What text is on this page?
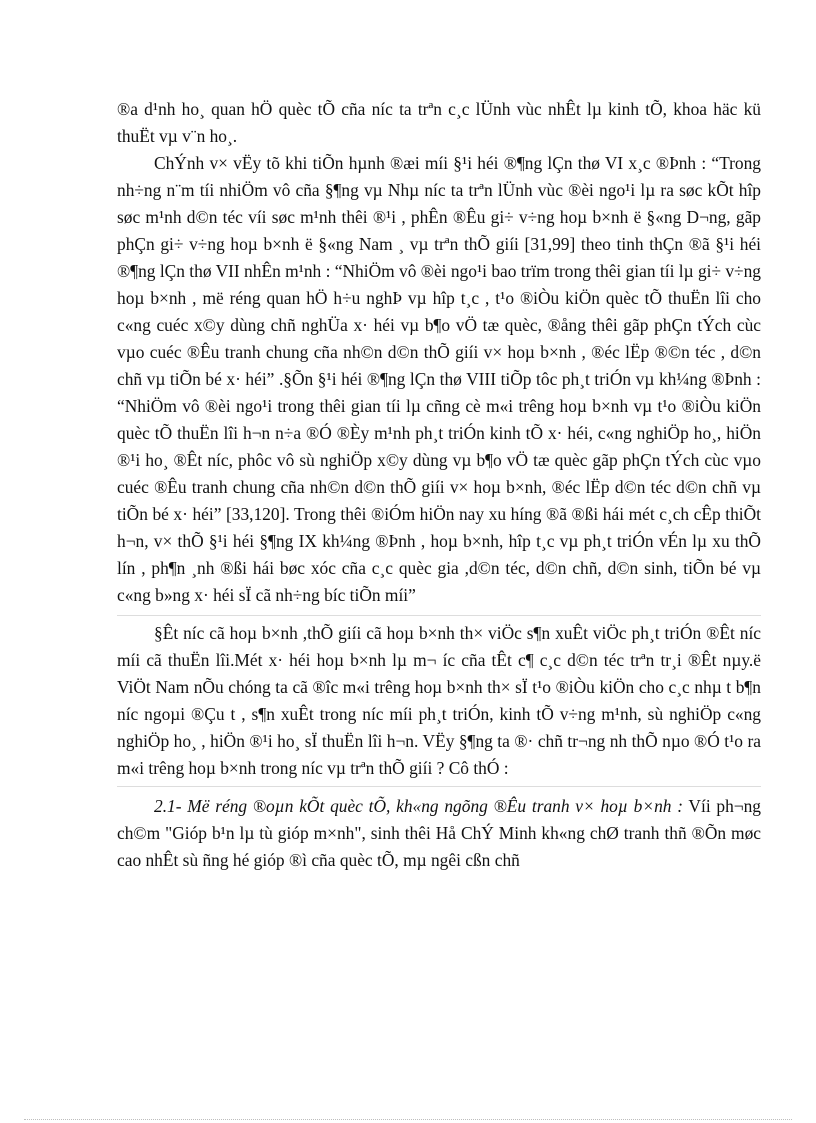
®a d¹nh ho¸ quan hÖ quèc tÕ cña níc ta trªn c¸c lÜnh vùc nhÊt lµ kinh tÕ, khoa häc kü thuËt vµ v¨n ho¸.

ChÝnh v× vËy tõ khi tiÕn hµnh ®æi míi §¹i héi ®¶ng lÇn thø VI x¸c ®Þnh : “Trong nh÷ng n¨m tíi nhiÖm vô cña §¶ng vµ Nhµ níc ta trªn lÜnh vùc ®èi ngo¹i lµ ra søc kÕt hîp søc m¹nh d©n téc víi søc m¹nh thêi ®¹i , phÊn ®Êu gi÷ v÷ng hoµ b×nh ë §«ng D¬ng, gãp phÇn gi÷ v÷ng hoµ b×nh ë §«ng Nam ¸ vµ trªn thÕ giíi [31,99] theo tinh thÇn ®ã §¹i héi ®¶ng lÇn thø VII nhÊn m¹nh : “NhiÖm vô ®èi ngo¹i bao trïm trong thêi gian tíi lµ gi÷ v÷ng hoµ b×nh , më réng quan hÖ h÷u nghÞ vµ hîp t¸c , t¹o ®iÒu kiÖn quèc tÕ thuËn lîi cho c«ng cuéc x©y dùng chñ nghÜa x· héi vµ b¶o vÖ tæ quèc, ®ång thêi gãp phÇn tÝch cùc vµo cuéc ®Êu tranh chung cña nh©n d©n thÕ giíi v× hoµ b×nh , ®éc lËp ®©n téc , d©n chñ vµ tiÕn bé x· héi” .§Õn §¹i héi ®¶ng lÇn thø VIII tiÕp tôc ph¸t triÓn vµ kh¼ng ®Þnh : “NhiÖm vô ®èi ngo¹i trong thêi gian tíi lµ cñng cè m«i trêng hoµ b×nh vµ t¹o ®iÒu kiÖn quèc tÕ thuËn lîi h¬n n÷a ®Ó ®Èy m¹nh ph¸t triÓn kinh tÕ x· héi, c«ng nghiÖp ho¸, hiÖn ®¹i ho¸ ®Êt níc, phôc vô sù nghiÖp x©y dùng vµ b¶o vÖ tæ quèc gãp phÇn tÝch cùc vµo cuéc ®Êu tranh chung cña nh©n d©n thÕ giíi v× hoµ b×nh, ®éc lËp d©n téc d©n chñ vµ tiÕn bé x· héi” [33,120]. Trong thêi ®iÓm hiÖn nay xu híng ®ã ®ßi hái mét c¸ch cÊp thiÕt h¬n, v× thÕ §¹i héi §¶ng IX kh¼ng ®Þnh , hoµ b×nh, hîp t¸c vµ ph¸t triÓn vÉn lµ xu thÕ lín , ph¶n ¸nh ®ßi hái bøc xóc cña c¸c quèc gia ,d©n téc, d©n chñ, d©n sinh, tiÕn bé vµ c«ng b»ng x· héi sÏ cã nh÷ng bíc tiÕn míi”

§Êt níc cã hoµ b×nh ,thÕ giíi cã hoµ b×nh th× viÖc s¶n xuÊt viÖc ph¸t triÓn ®Êt níc míi cã thuËn lîi.Mét x· héi hoµ b×nh lµ m¬ íc cña tÊt c¶ c¸c d©n téc trªn tr¸i ®Êt nµy.ë ViÖt Nam nÕu chóng ta cã ®îc m«i trêng hoµ b×nh th× sÏ t¹o ®iÒu kiÖn cho c¸c nhµ t b¶n níc ngoµi ®Çu t , s¶n xuÊt trong níc míi ph¸t triÓn, kinh tÕ v÷ng m¹nh, sù nghiÖp c«ng nghiÖp ho¸ , hiÖn ®¹i ho¸ sÏ thuËn lîi h¬n. VËy §¶ng ta ®· chñ tr¬ng nh thÕ nµo ®Ó t¹o ra m«i trêng hoµ b×nh trong níc vµ trªn thÕ giíi ? Cô thÓ :

2.1- Më réng ®oµn kÕt quèc tÕ, kh«ng ngõng ®Êu tranh v× hoµ b×nh : Víi ph¬ng ch©m "Gióp b¹n lµ tù gióp m×nh", sinh thêi Hå ChÝ Minh kh«ng chØ tranh thñ ®Õn møc cao nhÊt sù ñng hé gióp ®ì cña quèc tÕ, mµ ngêi cßn chñ
